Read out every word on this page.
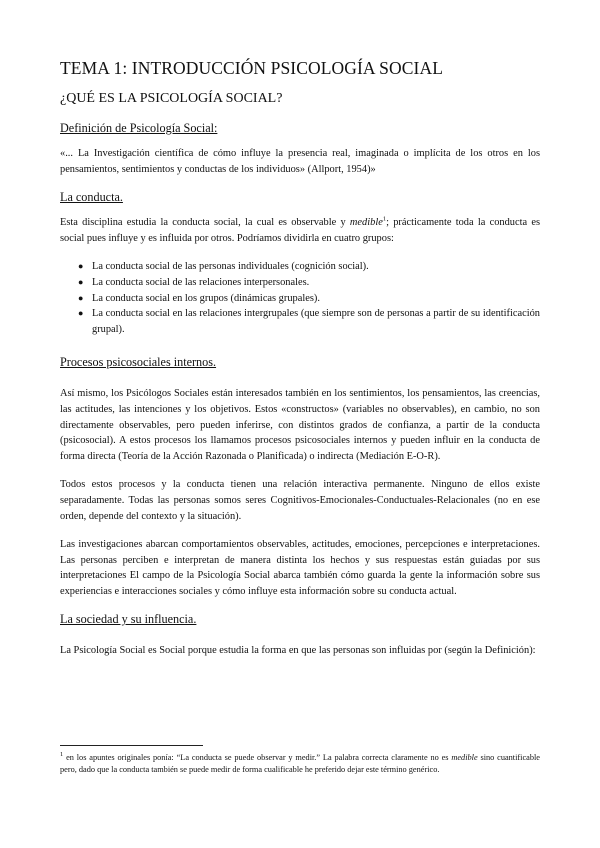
TEMA 1: INTRODUCCIÓN PSICOLOGÍA SOCIAL
¿QUÉ ES LA PSICOLOGÍA SOCIAL?
Definición de Psicología Social:

«... La Investigación científica de cómo influye la presencia real, imaginada o implícita de los otros en los pensamientos, sentimientos y conductas de los individuos» (Allport, 1954)»

La conducta.

Esta disciplina estudia la conducta social, la cual es observable y medible$^1$; prácticamente toda la conducta es social pues influye y es influida por otros. Podríamos dividirla en cuatro grupos:

● La conducta social de las personas individuales (cognición social).
● La conducta social de las relaciones interpersonales.
● La conducta social en los grupos (dinámicas grupales).
● La conducta social en las relaciones intergrupales (que siempre son de personas a partir de su identificación grupal).
Procesos psicosociales internos.

Así mismo, los Psicólogos Sociales están interesados también en los sentimientos, los pensamientos, las creencias, las actitudes, las intenciones y los objetivos. Estos «constructos» (variables no observables), en cambio, no son directamente observables, pero pueden inferirse, con distintos grados de confianza, a partir de la conducta (psicosocial). A estos procesos los llamamos procesos psicosociales internos y pueden influir en la conducta de forma directa (Teoría de la Acción Razonada o Planificada) o indirecta (Mediación E-O-R).

Todos estos procesos y la conducta tienen una relación interactiva permanente. Ninguno de ellos existe separadamente. Todas las personas somos seres Cognitivos-Emocionales-Conductuales-Relacionales (no en ese orden, depende del contexto y la situación).

Las investigaciones abarcan comportamientos observables, actitudes, emociones, percepciones e interpretaciones. Las personas perciben e interpretan de manera distinta los hechos y sus respuestas están guiadas por sus interpretaciones El campo de la Psicología Social abarca también cómo guarda la gente la información sobre sus experiencias e interacciones sociales y cómo influye esta información sobre su conducta actual.

La sociedad y su influencia.

La Psicología Social es Social porque estudia la forma en que las personas son influidas por (según la Definición):

$^1$ en los apuntes originales ponía: “La conducta se puede observar y medir.” La palabra correcta claramente no es medible sino cuantificable pero, dado que la conducta también se puede medir de forma cualificable he preferido dejar este término genérico.
